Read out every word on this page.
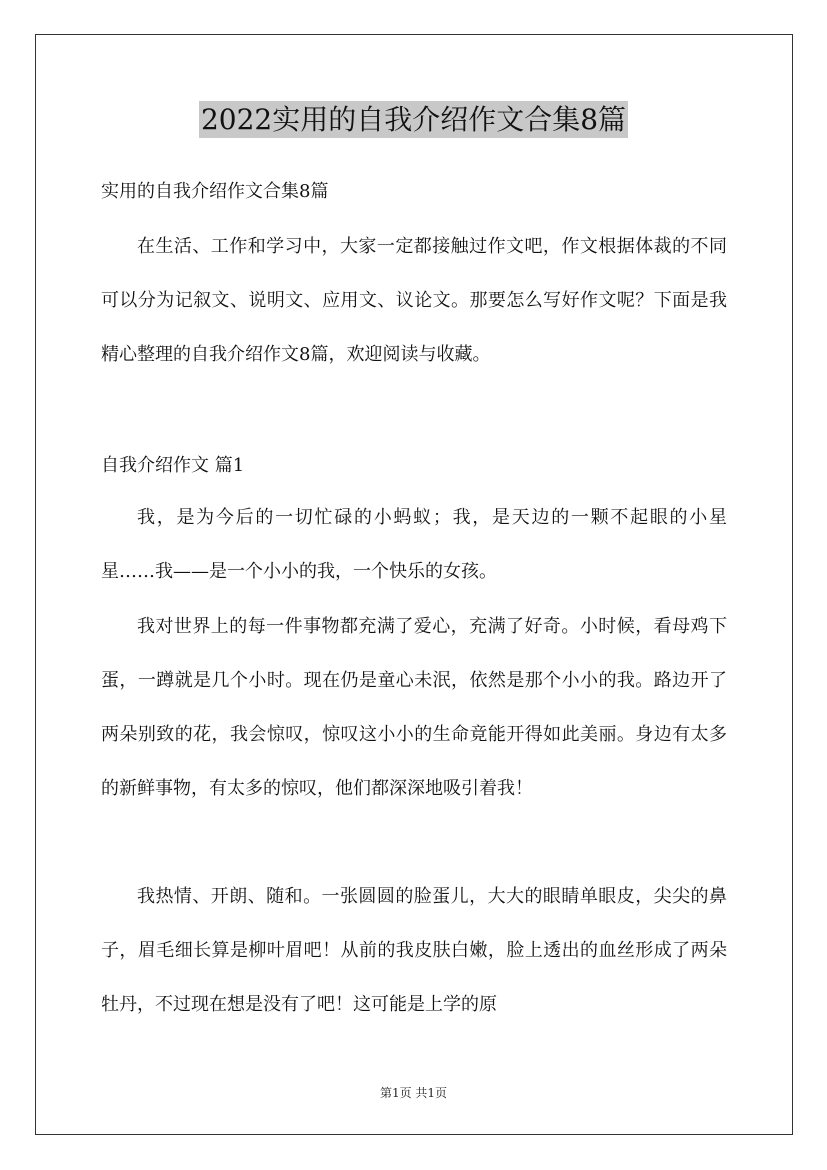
2022实用的自我介绍作文合集8篇

实用的自我介绍作文合集8篇

在生活、工作和学习中，大家一定都接触过作文吧，作文根据体裁的不同可以分为记叙文、说明文、应用文、议论文。那要怎么写好作文呢？下面是我精心整理的自我介绍作文8篇，欢迎阅读与收藏。

自我介绍作文 篇1

我，是为今后的一切忙碌的小蚂蚁；我，是天边的一颗不起眼的小星星……我——是一个小小的我，一个快乐的女孩。

我对世界上的每一件事物都充满了爱心，充满了好奇。小时候，看母鸡下蛋，一蹲就是几个小时。现在仍是童心未泯，依然是那个小小的我。路边开了两朵别致的花，我会惊叹，惊叹这小小的生命竟能开得如此美丽。身边有太多的新鲜事物，有太多的惊叹，他们都深深地吸引着我！

我热情、开朗、随和。一张圆圆的脸蛋儿，大大的眼睛单眼皮，尖尖的鼻子，眉毛细长算是柳叶眉吧！从前的我皮肤白嫩，脸上透出的血丝形成了两朵牡丹，不过现在想是没有了吧！这可能是上学的原

第1页 共1页
